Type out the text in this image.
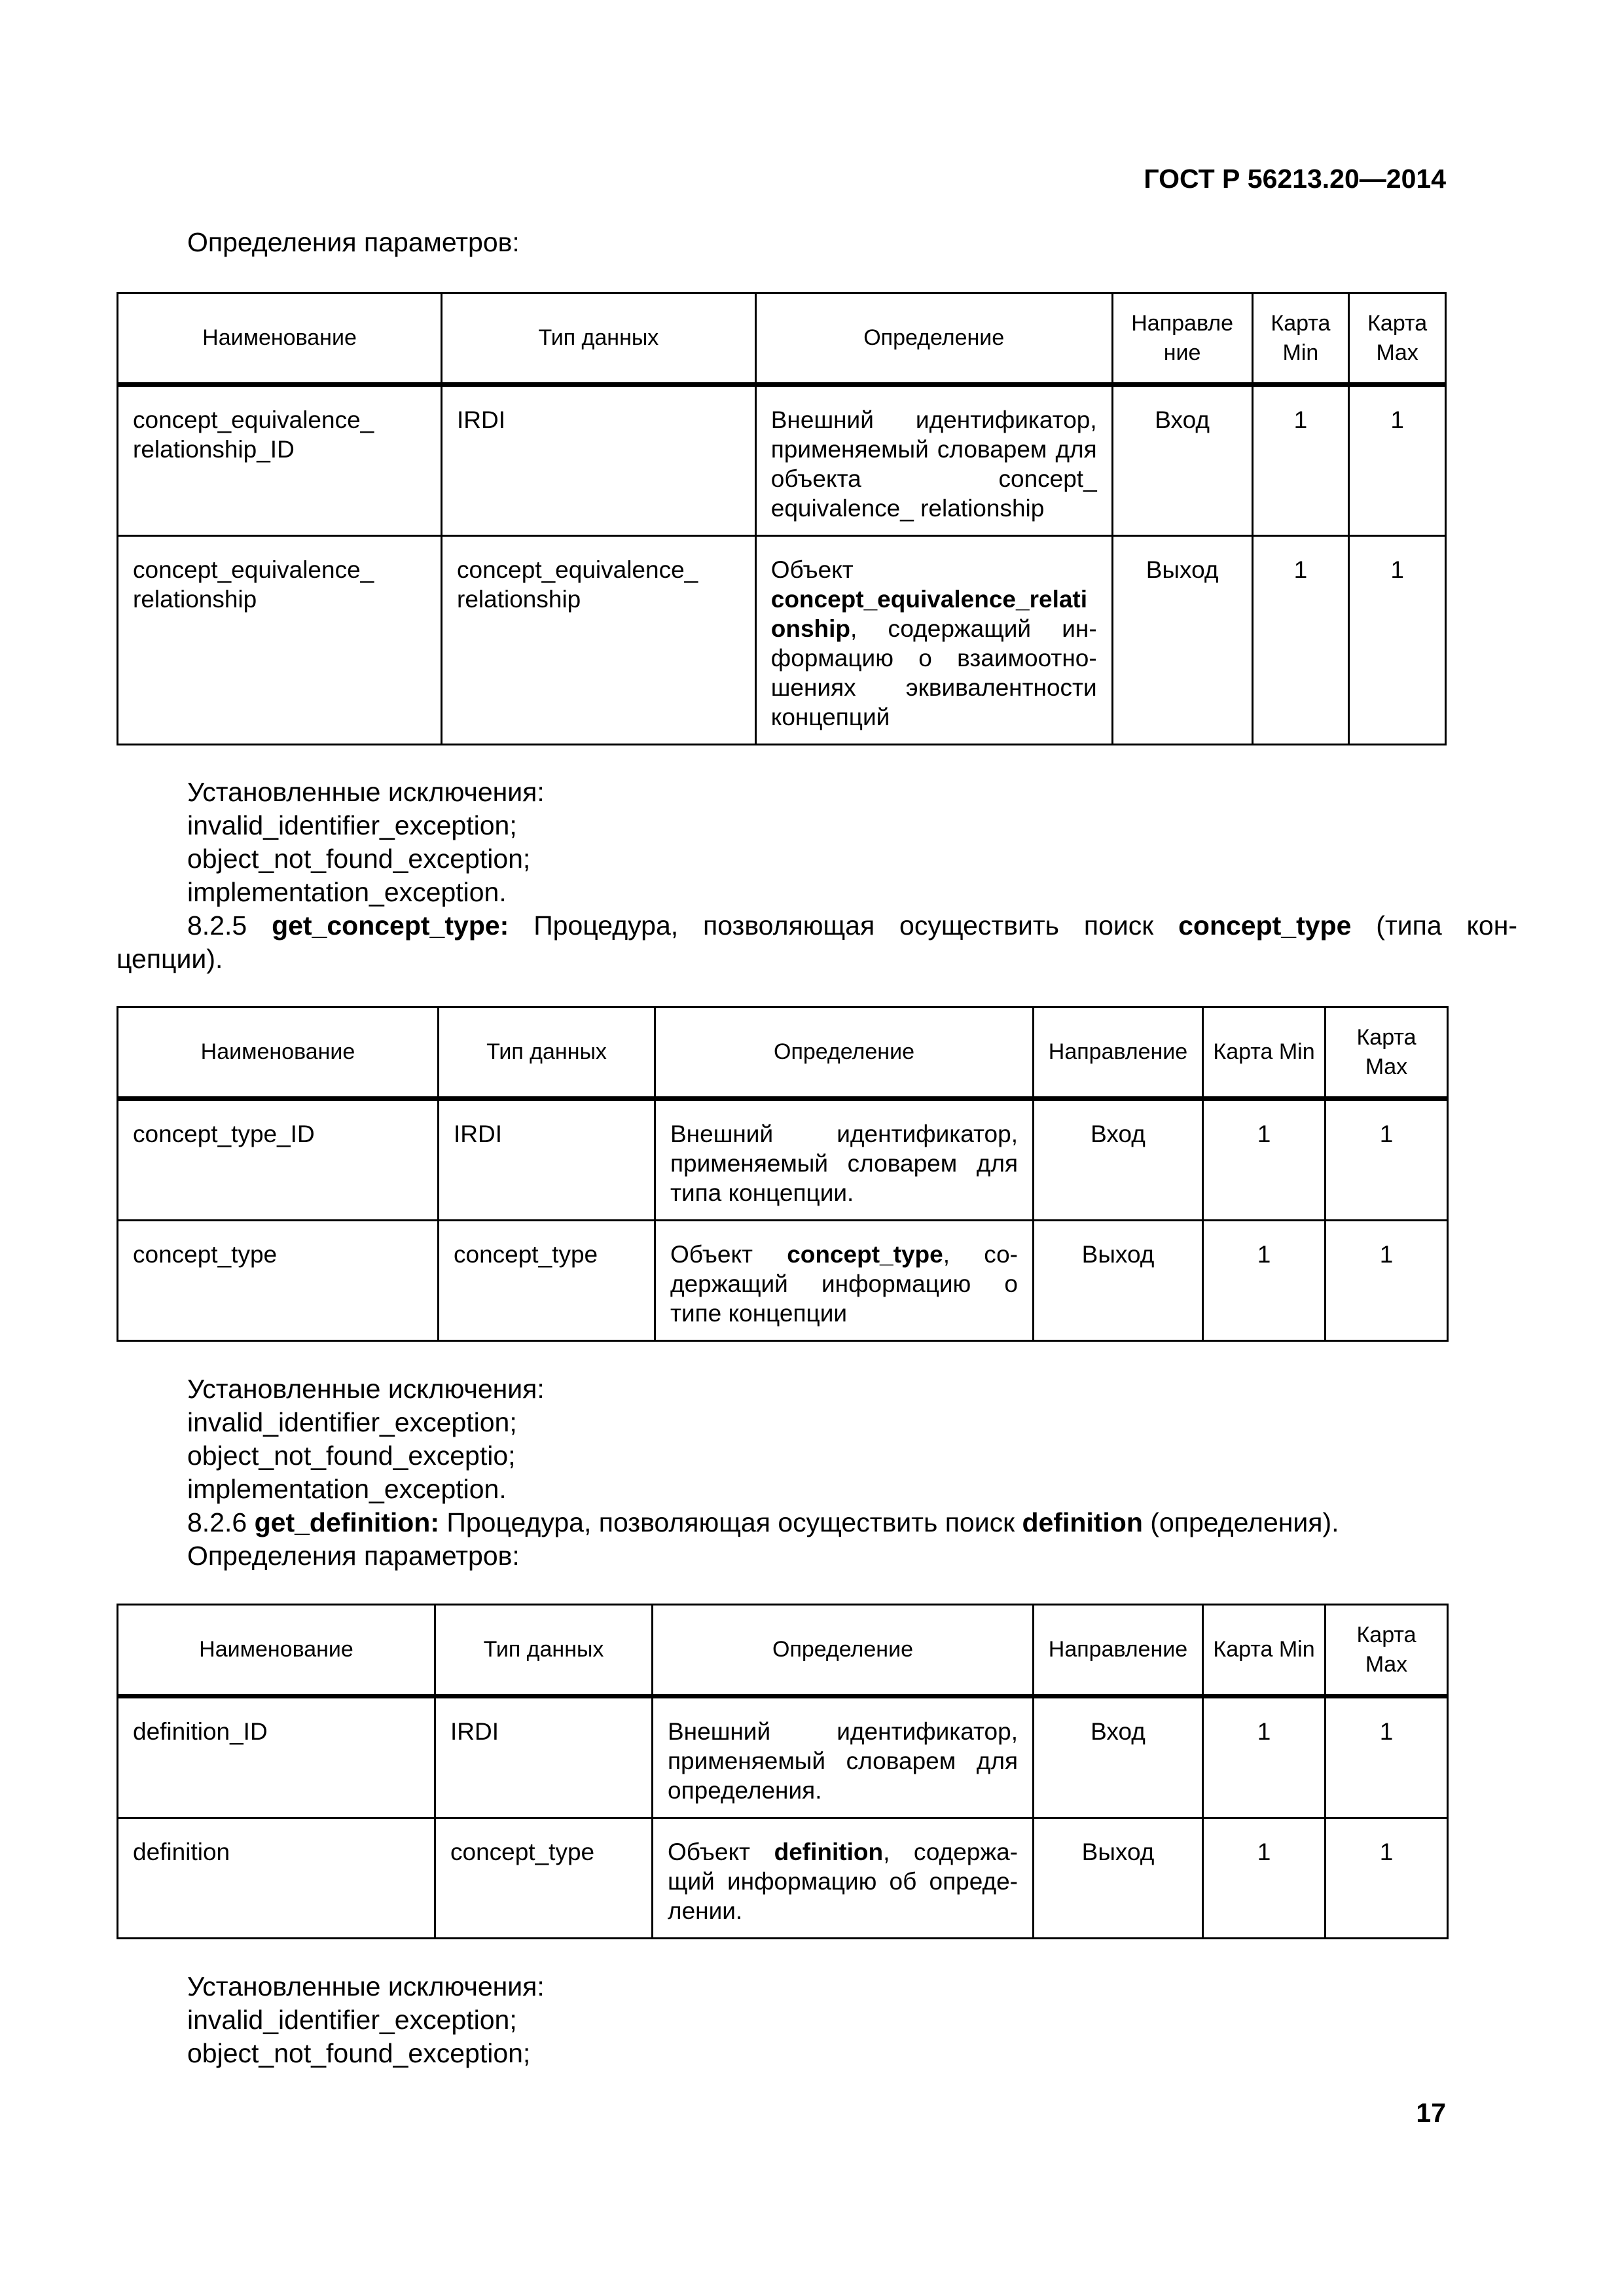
ГОСТ Р 56213.20—2014

Определения параметров:

Наименование	Тип данных	Определение	Направле ние	Карта Min	Карта Max
concept_equivalence_ relationship_ID	IRDI	Внешний идентификатор, применяемый словарем для объекта concept_ equivalence_ relationship	Вход	1	1
concept_equivalence_ relationship	concept_equivalence_ relationship	Объект concept_equivalence_relati onship, содержащий ин-формацию о взаимоотно-шениях эквивалентности концепций	Выход	1	1

Установленные исключения:

invalid_identifier_exception;

object_not_found_exception;

implementation_exception.

8.2.5 get_concept_type: Процедура, позволяющая осуществить поиск concept_type (типа кон-

цепции).

Наименование	Тип данных	Определение	Направление	Карта Min	Карта Max
concept_type_ID	IRDI	Внешний идентификатор, применяемый словарем для типа концепции.	Вход	1	1
concept_type	concept_type	Объект concept_type, со-держащий информацию о типе концепции	Выход	1	1

Установленные исключения:

invalid_identifier_exception;

object_not_found_exceptio;

implementation_exception.

8.2.6 get_definition: Процедура, позволяющая осуществить поиск definition (определения).

Определения параметров:

Наименование	Тип данных	Определение	Направление	Карта Min	Карта Max
definition_ID	IRDI	Внешний идентификатор, применяемый словарем для определения.	Вход	1	1
definition	concept_type	Объект definition, содержа-щий информацию об опреде-лении.	Выход	1	1

Установленные исключения:

invalid_identifier_exception;

object_not_found_exception;

17
